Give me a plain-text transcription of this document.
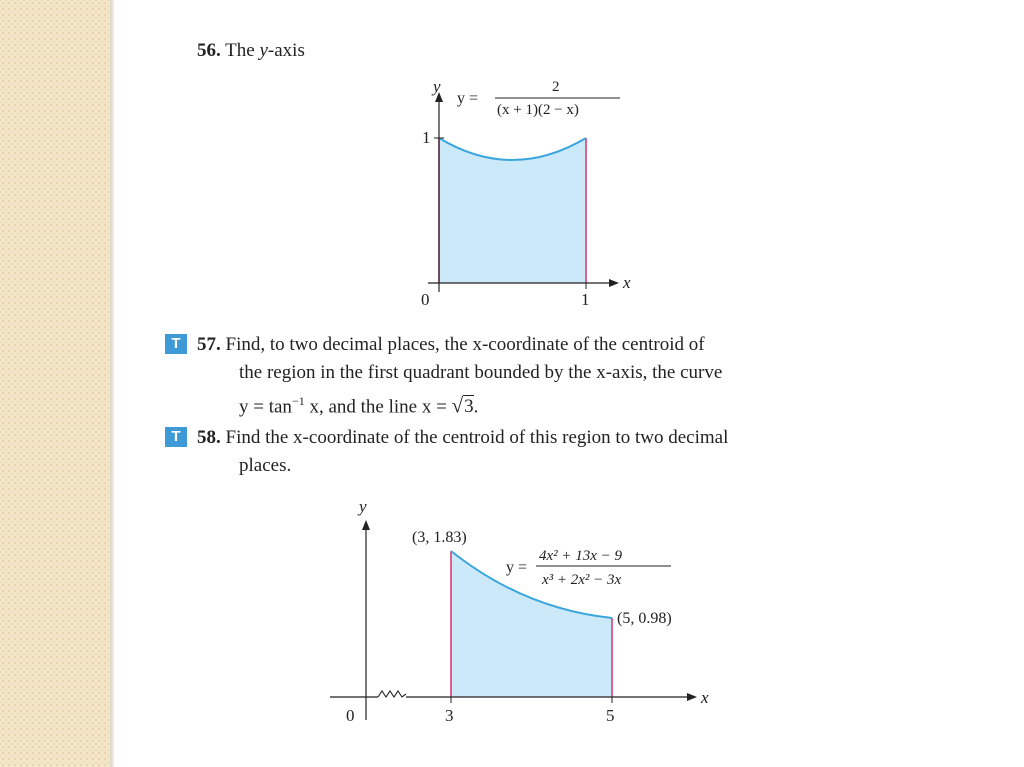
56. The y-axis
y
x
0	1
1
y =
2
(x + 1)(2 − x)
T 57. Find, to two decimal places, the x-coordinate of the centroid of
the region in the first quadrant bounded by the x-axis, the curve
$y = \tan^{-1} x$, and the line x = √3.
T 58. Find the x-coordinate of the centroid of this region to two decimal
places.
y
x
0	3	5
(3, 1.83)
(5, 0.98)
y =
4x² + 13x − 9
x³ + 2x² − 3x
